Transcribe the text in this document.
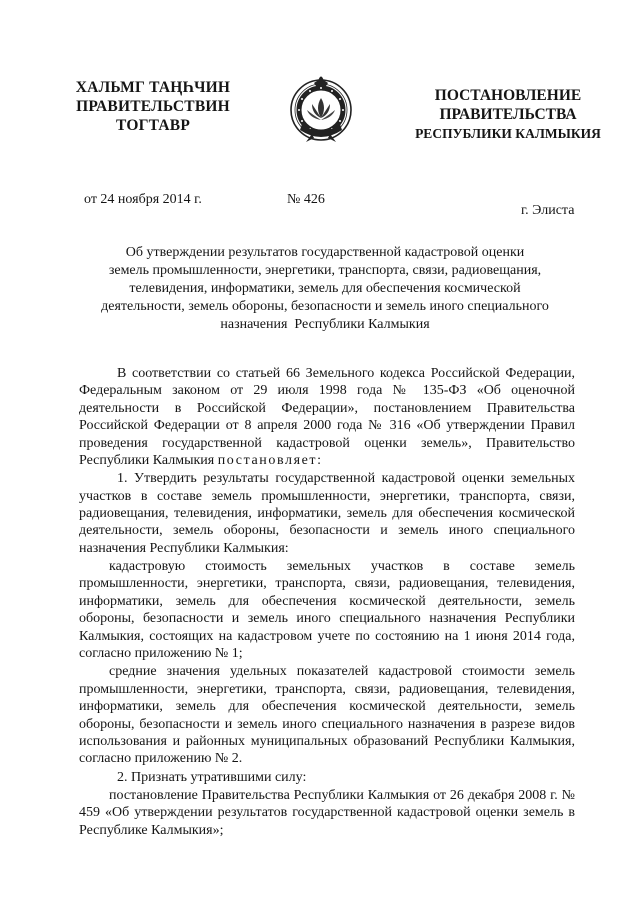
ХАЛЬМГ ТАҢҺЧИН
ПРАВИТЕЛЬСТВИН
ТОГТАВР
ПОСТАНОВЛЕНИЕ
ПРАВИТЕЛЬСТВА
РЕСПУБЛИКИ КАЛМЫКИЯ
от 24 ноября 2014 г.	№ 426
г. Элиста
Об утверждении результатов государственной кадастровой оценки
земель промышленности, энергетики, транспорта, связи, радиовещания,
телевидения, информатики, земель для обеспечения космической
деятельности, земель обороны, безопасности и земель иного специального
назначения  Республики Калмыкия

В соответствии со статьей 66 Земельного кодекса Российской Федерации, Федеральным законом от 29 июля 1998 года № 135-ФЗ «Об оценочной деятельности в Российской Федерации», постановлением Правительства Российской Федерации от 8 апреля 2000 года № 316 «Об утверждении Правил проведения государственной кадастровой оценки земель», Правительство Республики Калмыкия постановляет:

1. Утвердить результаты государственной кадастровой оценки земельных участков в составе земель промышленности, энергетики, транспорта, связи, радиовещания, телевидения, информатики, земель для обеспечения космической деятельности, земель обороны, безопасности и земель иного специального назначения Республики Калмыкия:

кадастровую стоимость земельных участков в составе земель промышленности, энергетики, транспорта, связи, радиовещания, телевидения, информатики, земель для обеспечения космической деятельности, земель обороны, безопасности и земель иного специального назначения Республики Калмыкия, состоящих на кадастровом учете по состоянию на 1 июня 2014 года, согласно приложению № 1;

средние значения удельных показателей кадастровой стоимости земель промышленности, энергетики, транспорта, связи, радиовещания, телевидения, информатики, земель для обеспечения космической деятельности, земель обороны, безопасности и земель иного специального назначения в разрезе видов использования и районных муниципальных образований Республики Калмыкия, согласно приложению № 2.

2. Признать утратившими силу:

постановление Правительства Республики Калмыкия от 26 декабря 2008 г. № 459 «Об утверждении результатов государственной кадастровой оценки земель в Республике Калмыкия»;
